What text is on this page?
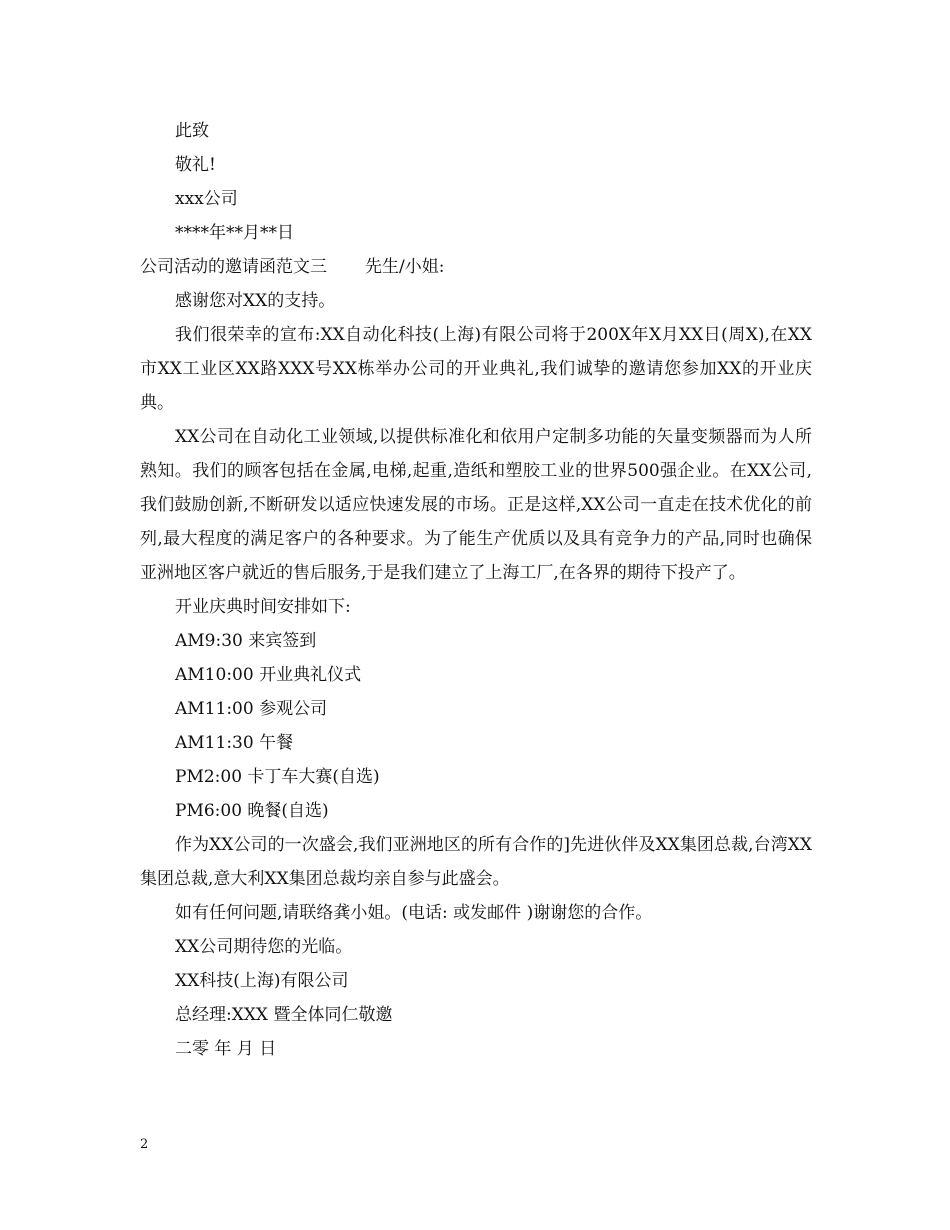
此致
敬礼!
xxx公司
****年**月**日
公司活动的邀请函范文三 先生/小姐:
感谢您对XX的支持。

我们很荣幸的宣布:XX自动化科技(上海)有限公司将于200X年X月XX日(周X),在XX市XX工业区XX路XXX号XX栋举办公司的开业典礼,我们诚挚的邀请您参加XX的开业庆典。

XX公司在自动化工业领域,以提供标准化和依用户定制多功能的矢量变频器而为人所熟知。我们的顾客包括在金属,电梯,起重,造纸和塑胶工业的世界500强企业。在XX公司,我们鼓励创新,不断研发以适应快速发展的市场。正是这样,XX公司一直走在技术优化的前列,最大程度的满足客户的各种要求。为了能生产优质以及具有竞争力的产品,同时也确保亚洲地区客户就近的售后服务,于是我们建立了上海工厂,在各界的期待下投产了。

开业庆典时间安排如下:
AM9:30 来宾签到
AM10:00 开业典礼仪式
AM11:00 参观公司
AM11:30 午餐
PM2:00 卡丁车大赛(自选)
PM6:00 晚餐(自选)

作为XX公司的一次盛会,我们亚洲地区的所有合作的]先进伙伴及XX集团总裁,台湾XX集团总裁,意大利XX集团总裁均亲自参与此盛会。

如有任何问题,请联络龚小姐。(电话: 或发邮件 )谢谢您的合作。
XX公司期待您的光临。
XX科技(上海)有限公司
总经理:XXX 暨全体同仁敬邀
二零 年 月 日
2
